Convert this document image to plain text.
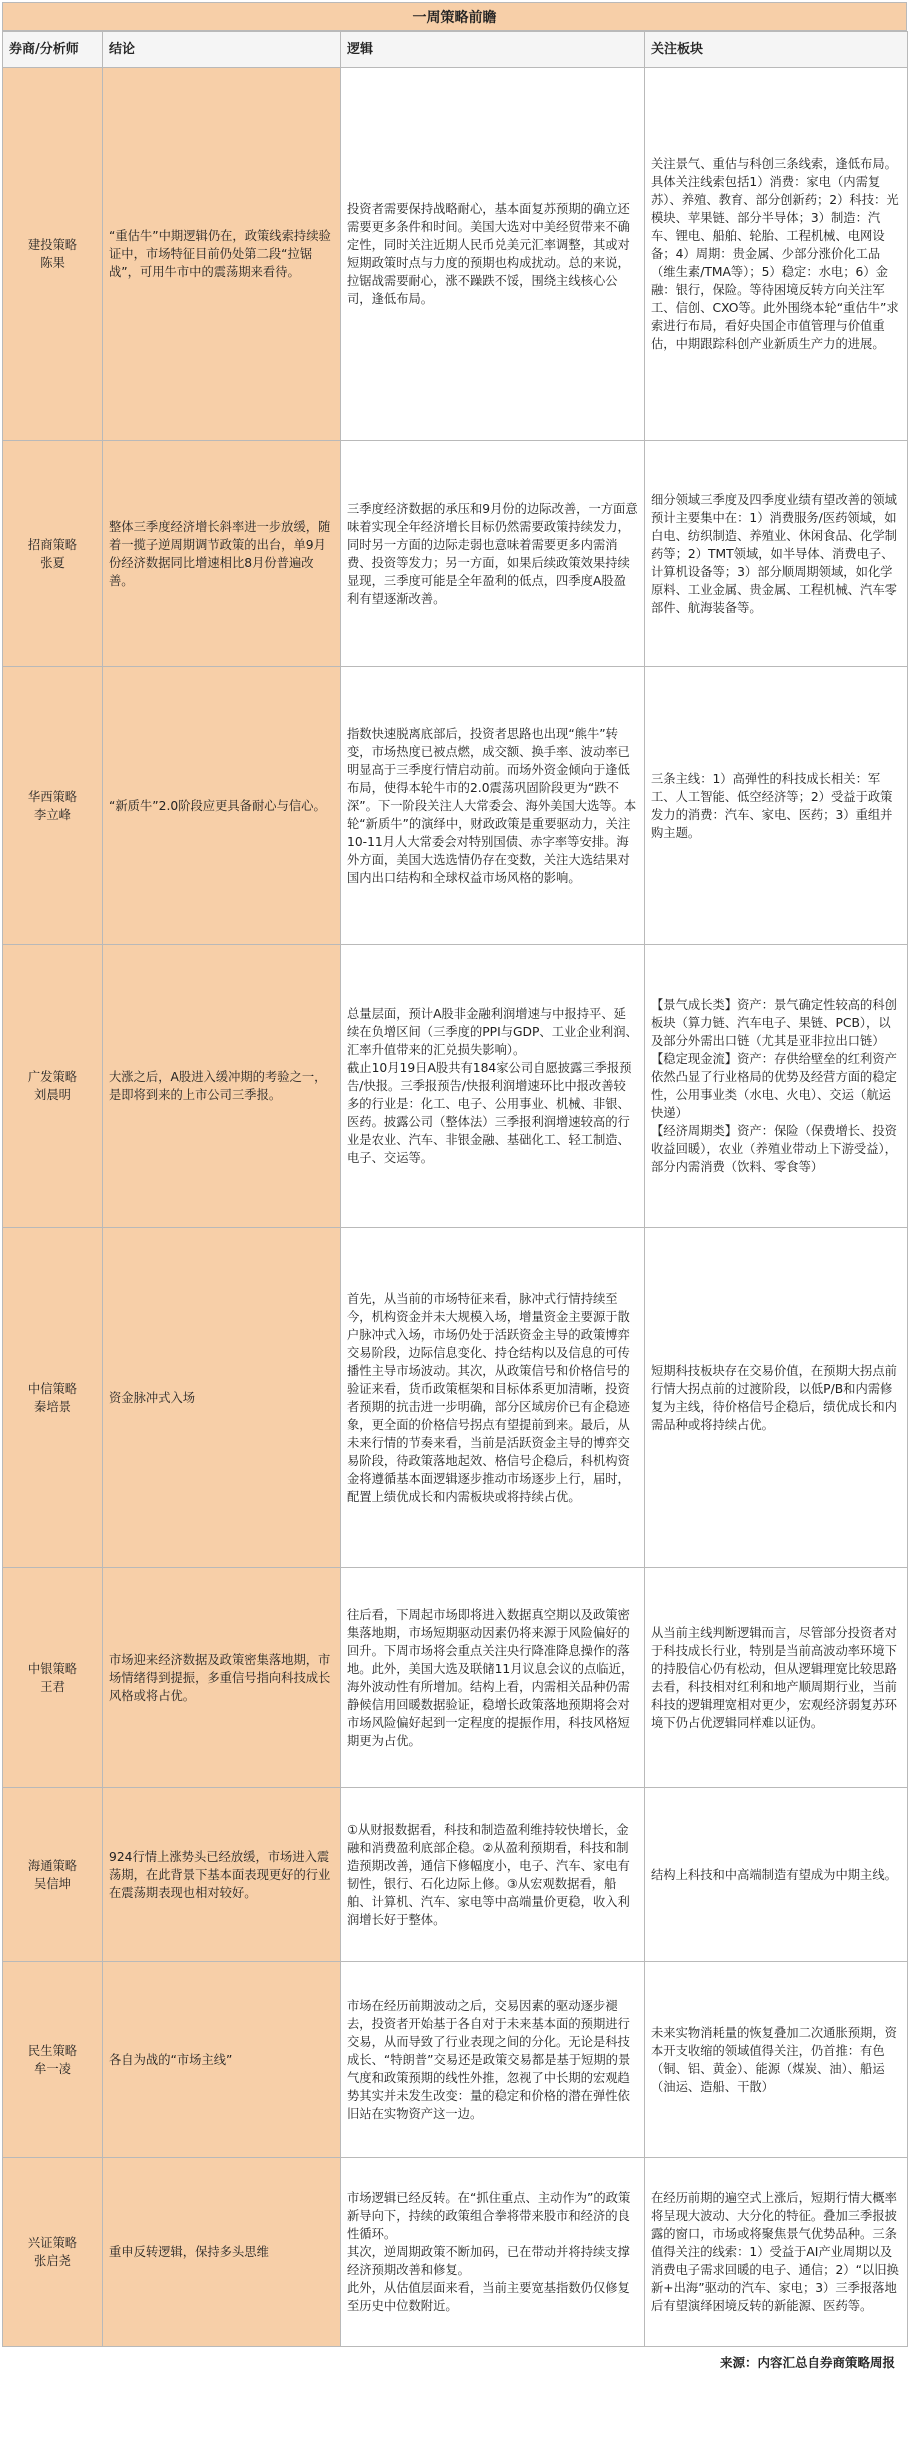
一周策略前瞻
券商/分析师	结论	逻辑	关注板块

建投策略
陈果	“重估牛”中期逻辑仍在，政策线索持续验证中，市场特征目前仍处第二段“拉锯战”，可用牛市中的震荡期来看待。	投资者需要保持战略耐心，基本面复苏预期的确立还需要更多条件和时间。美国大选对中美经贸带来不确定性，同时关注近期人民币兑美元汇率调整，其或对短期政策时点与力度的预期也构成扰动。总的来说，拉锯战需要耐心，涨不躁跌不馁，围绕主线核心公司，逢低布局。	关注景气、重估与科创三条线索，逢低布局。具体关注线索包括1）消费：家电（内需复苏）、养殖、教育、部分创新药；2）科技：光模块、苹果链、部分半导体；3）制造：汽车、锂电、船舶、轮胎、工程机械、电网设备；4）周期：贵金属、少部分涨价化工品（维生素/TMA等）；5）稳定：水电；6）金融：银行，保险。等待困境反转方向关注军工、信创、CXO等。此外围绕本轮“重估牛”求索进行布局，看好央国企市值管理与价值重估，中期跟踪科创产业新质生产力的进展。

招商策略
张夏	整体三季度经济增长斜率进一步放缓，随着一揽子逆周期调节政策的出台，单9月份经济数据同比增速相比8月份普遍改善。	三季度经济数据的承压和9月份的边际改善，一方面意味着实现全年经济增长目标仍然需要政策持续发力，同时另一方面的边际走弱也意味着需要更多内需消费、投资等发力；另一方面，如果后续政策效果持续显现，三季度可能是全年盈利的低点，四季度A股盈利有望逐渐改善。	细分领域三季度及四季度业绩有望改善的领域预计主要集中在：1）消费服务/医药领域，如白电、纺织制造、养殖业、休闲食品、化学制药等；2）TMT领域，如半导体、消费电子、计算机设备等；3）部分顺周期领域，如化学原料、工业金属、贵金属、工程机械、汽车零部件、航海装备等。

华西策略
李立峰	“新质牛”2.0阶段应更具备耐心与信心。	指数快速脱离底部后，投资者思路也出现“熊牛”转变，市场热度已被点燃，成交额、换手率、波动率已明显高于三季度行情启动前。而场外资金倾向于逢低布局，使得本轮牛市的2.0震荡巩固阶段更为“跌不深”。下一阶段关注人大常委会、海外美国大选等。本轮“新质牛”的演绎中，财政政策是重要驱动力，关注10-11月人大常委会对特别国债、赤字率等安排。海外方面，美国大选选情仍存在变数，关注大选结果对国内出口结构和全球权益市场风格的影响。	三条主线：1）高弹性的科技成长相关：军工、人工智能、低空经济等；2）受益于政策发力的消费：汽车、家电、医药；3）重组并购主题。

广发策略
刘晨明	大涨之后，A股进入缓冲期的考验之一，是即将到来的上市公司三季报。	总量层面，预计A股非金融利润增速与中报持平、延续在负增区间（三季度的PPI与GDP、工业企业利润、汇率升值带来的汇兑损失影响）。
截止10月19日A股共有184家公司自愿披露三季报预告/快报。三季报预告/快报利润增速环比中报改善较多的行业是：化工、电子、公用事业、机械、非银、医药。披露公司（整体法）三季报利润增速较高的行业是农业、汽车、非银金融、基础化工、轻工制造、电子、交运等。	【景气成长类】资产：景气确定性较高的科创板块（算力链、汽车电子、果链、PCB），以及部分外需出口链（尤其是亚非拉出口链）
【稳定现金流】资产：存供给壁垒的红利资产依然凸显了行业格局的优势及经营方面的稳定性，公用事业类（水电、火电）、交运（航运快递）
【经济周期类】资产：保险（保费增长、投资收益回暖），农业（养殖业带动上下游受益），部分内需消费（饮料、零食等）

中信策略
秦培景	资金脉冲式入场	首先，从当前的市场特征来看，脉冲式行情持续至今，机构资金并未大规模入场，增量资金主要源于散户脉冲式入场，市场仍处于活跃资金主导的政策博弈交易阶段，边际信息变化、持仓结构以及信息的可传播性主导市场波动。其次，从政策信号和价格信号的验证来看，货币政策框架和目标体系更加清晰，投资者预期的抗击进一步明确，部分区域房价已有企稳迹象，更全面的价格信号拐点有望提前到来。最后，从未来行情的节奏来看，当前是活跃资金主导的博弈交易阶段，待政策落地起效、格信号企稳后，科机构资金将遵循基本面逻辑逐步推动市场逐步上行，届时，配置上绩优成长和内需板块或将持续占优。	短期科技板块存在交易价值，在预期大拐点前行情大拐点前的过渡阶段，以低P/B和内需修复为主线，待价格信号企稳后，绩优成长和内需品种或将持续占优。

中银策略
王君	市场迎来经济数据及政策密集落地期，市场情绪得到提振，多重信号指向科技成长风格或将占优。	往后看，下周起市场即将进入数据真空期以及政策密集落地期，市场短期驱动因素仍将来源于风险偏好的回升。下周市场将会重点关注央行降准降息操作的落地。此外，美国大选及联储11月议息会议的点临近，海外波动性有所增加。结构上看，内需相关品种仍需静候信用回暖数据验证，稳增长政策落地预期将会对市场风险偏好起到一定程度的提振作用，科技风格短期更为占优。	从当前主线判断逻辑而言，尽管部分投资者对于科技成长行业，特别是当前高波动率环境下的持股信心仍有松动，但从逻辑理宽比较思路去看，科技相对红利和地产顺周期行业，当前科技的逻辑理宽相对更少，宏观经济弱复苏环境下仍占优逻辑同样难以证伪。

海通策略
吴信坤	924行情上涨势头已经放缓，市场进入震荡期，在此背景下基本面表现更好的行业在震荡期表现也相对较好。	①从财报数据看，科技和制造盈利维持较快增长，金融和消费盈利底部企稳。②从盈利预期看，科技和制造预期改善，通信下修幅度小，电子、汽车、家电有韧性，银行、石化边际上修。③从宏观数据看，船舶、计算机、汽车、家电等中高端量价更稳，收入利润增长好于整体。	结构上科技和中高端制造有望成为中期主线。

民生策略
牟一凌	各自为战的“市场主线”	市场在经历前期波动之后，交易因素的驱动逐步褪去，投资者开始基于各自对于未来基本面的预期进行交易，从而导致了行业表现之间的分化。无论是科技成长、“特朗普”交易还是政策交易都是基于短期的景气度和政策预期的线性外推，忽视了中长期的宏观趋势其实并未发生改变：量的稳定和价格的潜在弹性依旧站在实物资产这一边。	未来实物消耗量的恢复叠加二次通胀预期，资本开支收缩的领域值得关注，仍首推：有色（铜、铝、黄金）、能源（煤炭、油）、船运（油运、造船、干散）

兴证策略
张启尧	重申反转逻辑，保持多头思维	市场逻辑已经反转。在“抓住重点、主动作为”的政策新导向下，持续的政策组合拳将带来股市和经济的良性循环。
其次，逆周期政策不断加码，已在带动并将持续支撑经济预期改善和修复。
此外，从估值层面来看，当前主要宽基指数仍仅修复至历史中位数附近。	在经历前期的遍空式上涨后，短期行情大概率将呈现大波动、大分化的特征。叠加三季报披露的窗口，市场或将聚焦景气优势品种。三条值得关注的线索：1）受益于AI产业周期以及消费电子需求回暖的电子、通信；2）“以旧换新+出海”驱动的汽车、家电；3）三季报落地后有望演绎困境反转的新能源、医药等。
来源：内容汇总自券商策略周报
